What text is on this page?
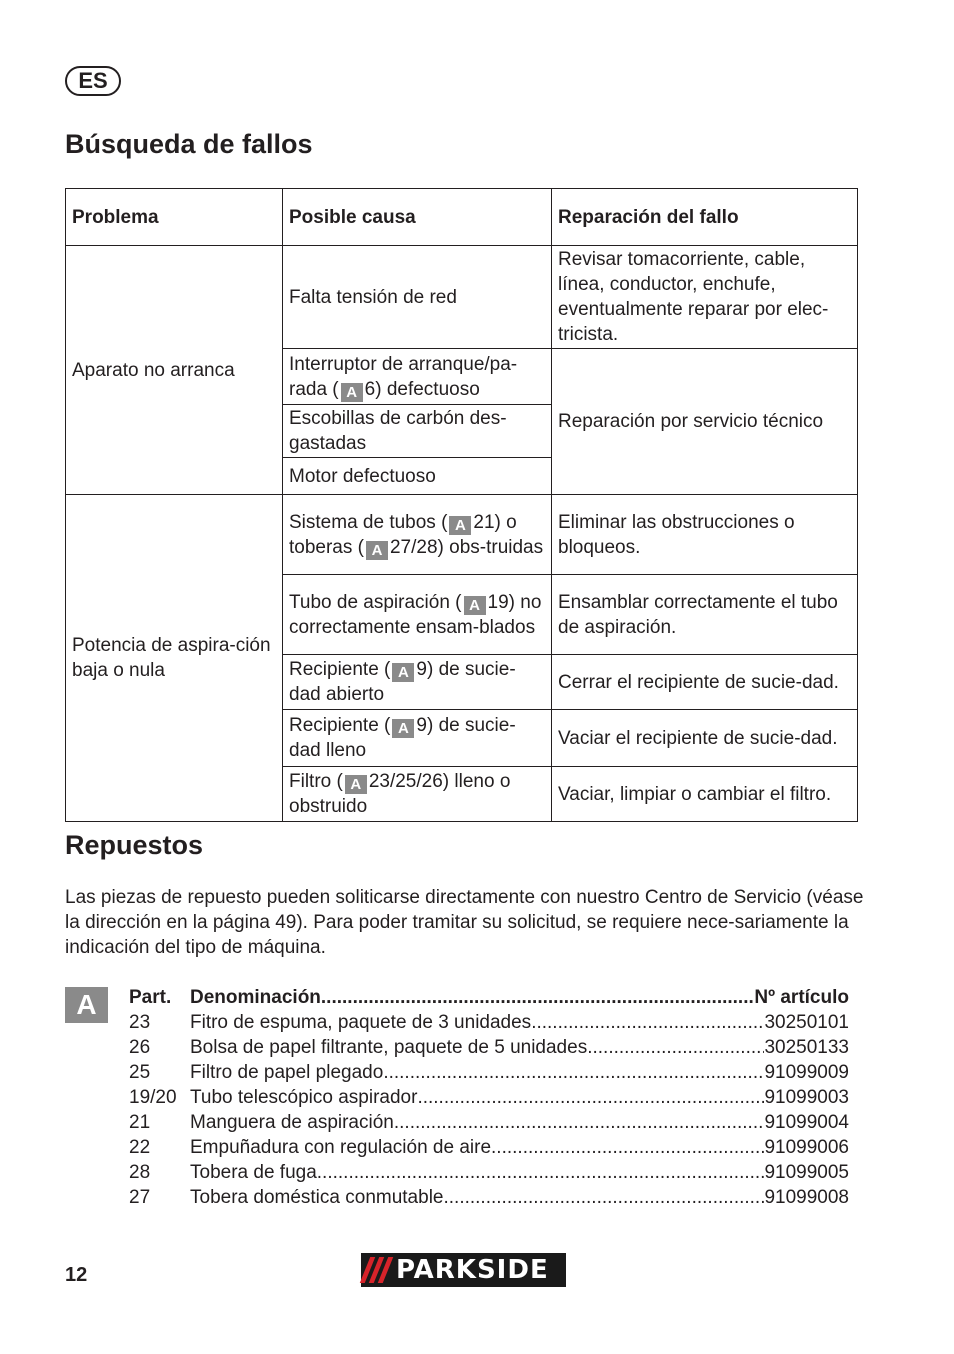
ES
Búsqueda de fallos
Problema	Posible causa	Reparación del fallo
Aparato no arranca	Falta tensión de red	Revisar tomacorriente, cable, línea, conductor, enchufe, eventualmente reparar por elec-tricista.
	Interruptor de arranque/pa-rada ( A 6) defectuoso	Reparación por servicio técnico
	Escobillas de carbón des-gastadas	
	Motor defectuoso	
Potencia de aspira-ción baja o nula	Sistema de tubos ( A 21) o toberas ( A 27/28) obs-truidas	Eliminar las obstrucciones o bloqueos.
	Tubo de aspiración ( A 19) no correctamente ensam-blados	Ensamblar correctamente el tubo de aspiración.
	Recipiente ( A 9) de sucie-dad abierto	Cerrar el recipiente de sucie-dad.
	Recipiente ( A 9) de sucie-dad lleno	Vaciar el recipiente de sucie-dad.
	Filtro ( A 23/25/26) lleno o obstruido	Vaciar, limpiar o cambiar el filtro.
Repuestos

Las piezas de repuesto pueden soliticarse directamente con nuestro Centro de Servicio (véase la dirección en la página 49). Para poder tramitar su solicitud, se requiere nece-sariamente la indicación del tipo de máquina.

A	Part. Denominación .....	Nº artículo
23	Fitro de espuma, paquete de 3 unidades .....	30250101
26	Bolsa de papel filtrante, paquete de 5 unidades .....	30250133
25	Filtro de papel plegado .....	91099009
19/20 Tubo telescópico aspirador .....	91099003
21	Manguera de aspiración .....	91099004
22	Empuñadura con regulación de aire .....	91099006
28	Tobera de fuga .....	91099005
27	Tobera doméstica conmutable .....	91099008
12	PARKSIDE
